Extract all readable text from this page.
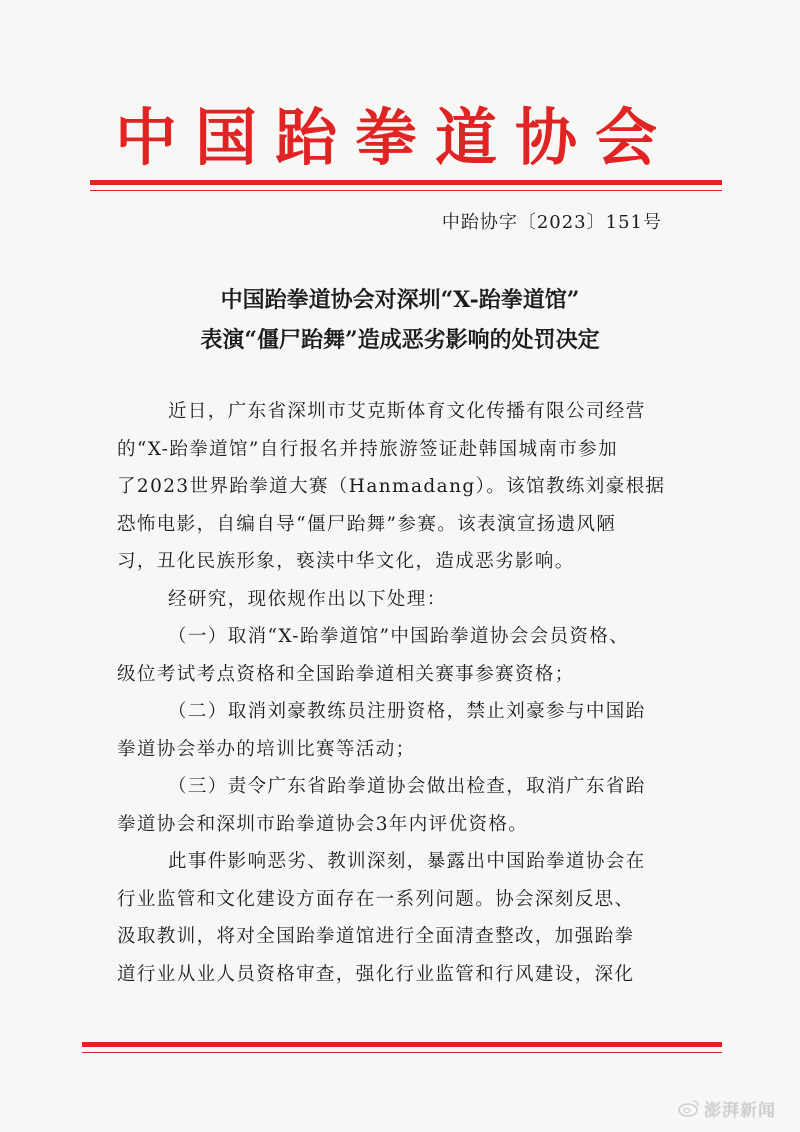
中国跆拳道协会
中跆协字〔2023〕151号
中国跆拳道协会对深圳“X-跆拳道馆”
表演“僵尸跆舞”造成恶劣影响的处罚决定
近日，广东省深圳市艾克斯体育文化传播有限公司经营
的“X-跆拳道馆”自行报名并持旅游签证赴韩国城南市参加
了2023世界跆拳道大赛（Hanmadang）。该馆教练刘豪根据
恐怖电影，自编自导“僵尸跆舞”参赛。该表演宣扬遗风陋
习，丑化民族形象，亵渎中华文化，造成恶劣影响。
经研究，现依规作出以下处理：
（一）取消“X-跆拳道馆”中国跆拳道协会会员资格、
级位考试考点资格和全国跆拳道相关赛事参赛资格；
（二）取消刘豪教练员注册资格，禁止刘豪参与中国跆
拳道协会举办的培训比赛等活动；
（三）责令广东省跆拳道协会做出检查，取消广东省跆
拳道协会和深圳市跆拳道协会3年内评优资格。
此事件影响恶劣、教训深刻，暴露出中国跆拳道协会在
行业监管和文化建设方面存在一系列问题。协会深刻反思、
汲取教训，将对全国跆拳道馆进行全面清查整改，加强跆拳
道行业从业人员资格审查，强化行业监管和行风建设，深化
澎湃新闻
